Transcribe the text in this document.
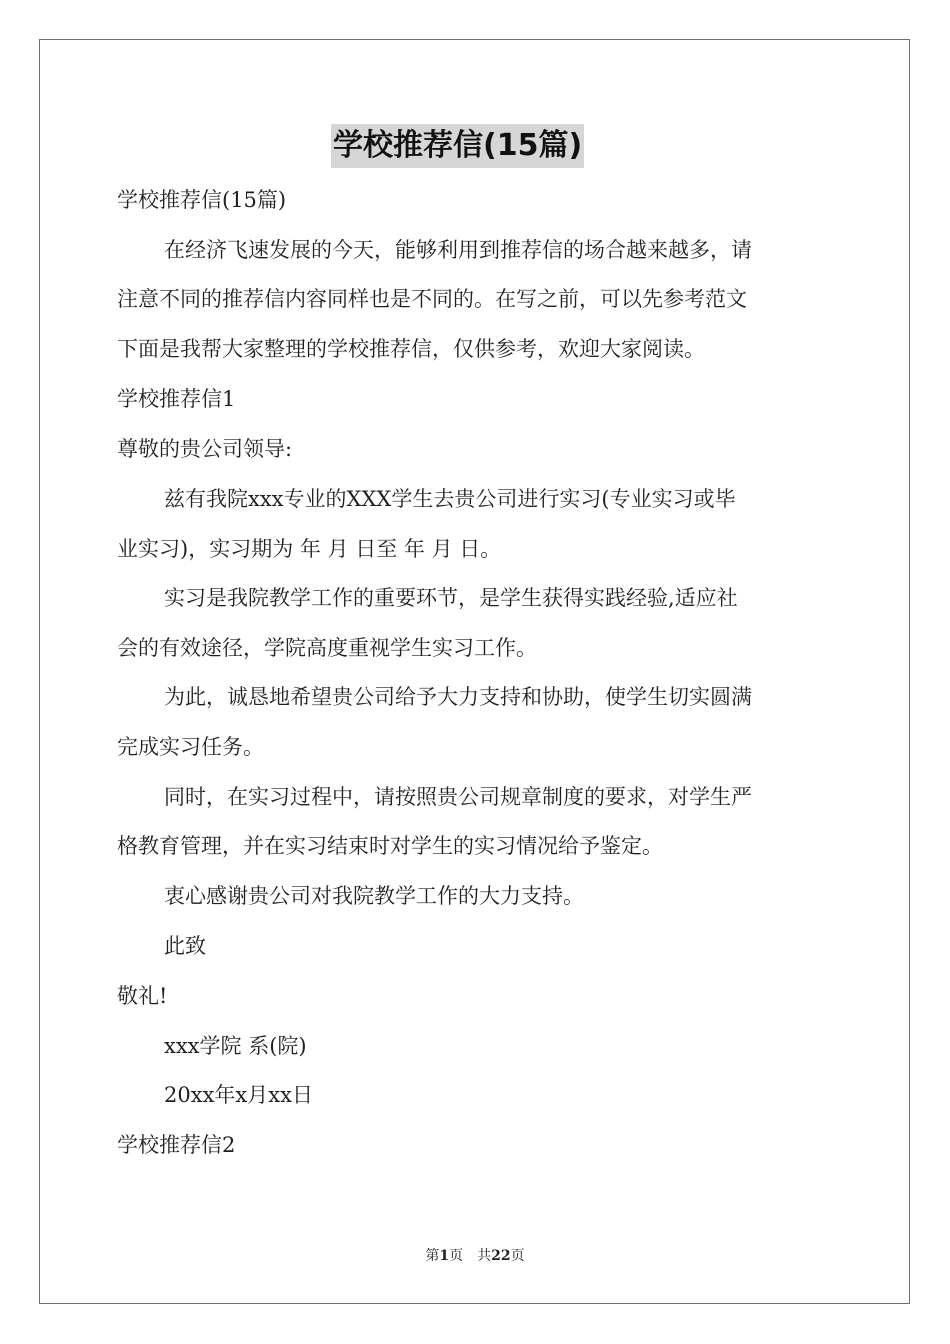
学校推荐信(15篇)
学校推荐信(15篇)
在经济飞速发展的今天，能够利用到推荐信的场合越来越多，请
注意不同的推荐信内容同样也是不同的。在写之前，可以先参考范文
下面是我帮大家整理的学校推荐信，仅供参考，欢迎大家阅读。
学校推荐信1
尊敬的贵公司领导:
兹有我院xxx专业的XXX学生去贵公司进行实习(专业实习或毕
业实习)，实习期为 年 月 日至 年 月 日。
实习是我院教学工作的重要环节，是学生获得实践经验,适应社
会的有效途径，学院高度重视学生实习工作。
为此，诚恳地希望贵公司给予大力支持和协助，使学生切实圆满
完成实习任务。
同时，在实习过程中，请按照贵公司规章制度的要求，对学生严
格教育管理，并在实习结束时对学生的实习情况给予鉴定。
衷心感谢贵公司对我院教学工作的大力支持。
此致
敬礼!
xxx学院 系(院)
20xx年x月xx日
学校推荐信2
第1页 共22页
